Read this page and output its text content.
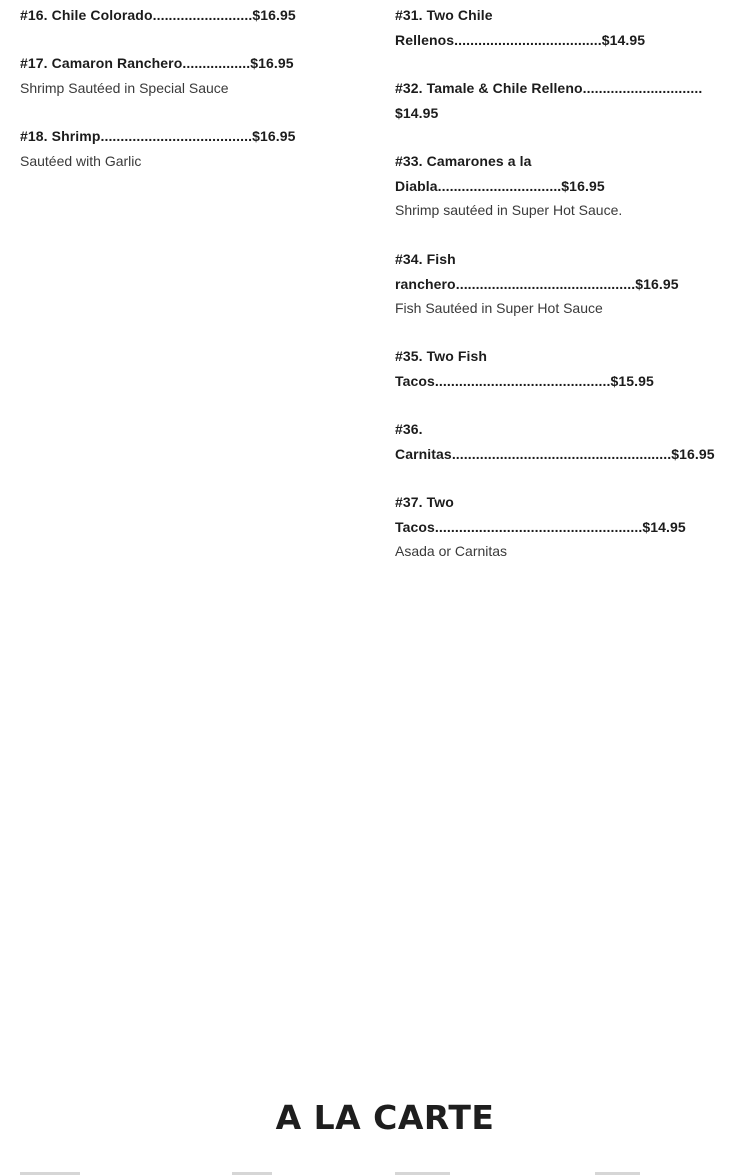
#16. Chile Colorado.........................$16.95
#17. Camaron Ranchero.................$16.95
Shrimp Sautéed in Special Sauce
#18. Shrimp......................................$16.95
Sautéed with Garlic
#31. Two Chile
Rellenos.....................................$14.95
#32. Tamale & Chile Relleno..............................
$14.95
#33. Camarones a la
Diabla...............................$16.95
Shrimp sautéed in Super Hot Sauce.
#34. Fish
ranchero.............................................$16.95
Fish Sautéed in Super Hot Sauce
#35. Two Fish
Tacos............................................$15.95
#36.
Carnitas.......................................................$16.95
#37. Two
Tacos....................................................$14.95
Asada or Carnitas
A LA CARTE
